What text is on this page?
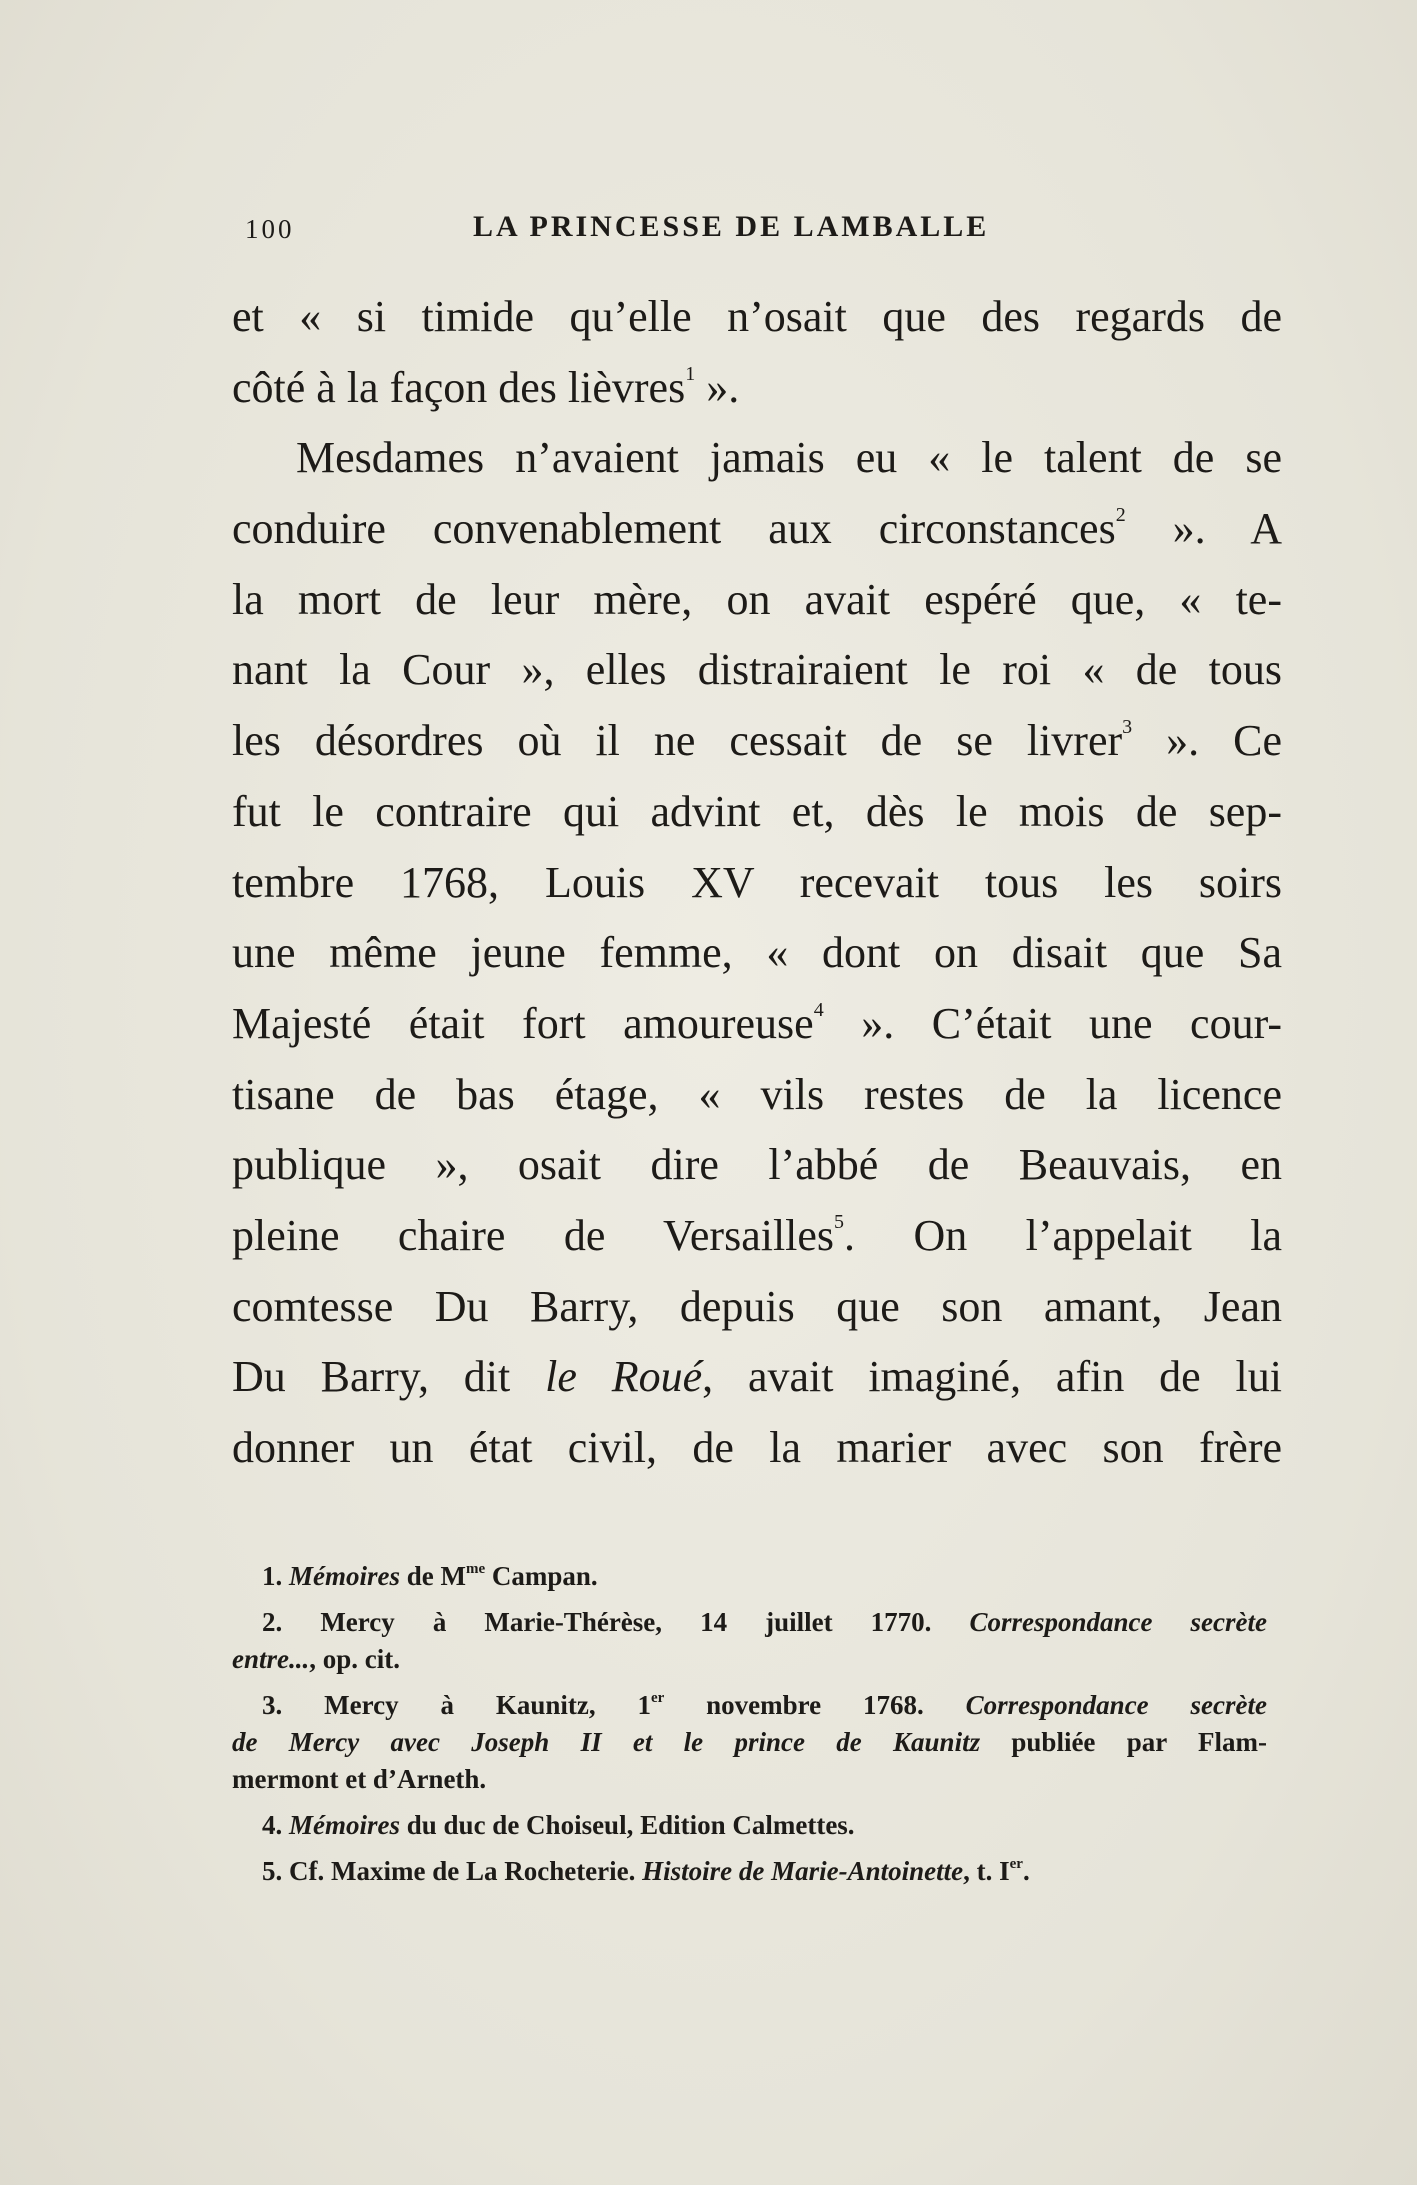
100	LA PRINCESSE DE LAMBALLE
et « si timide qu’elle n’osait que des regards de
côté à la façon des lièvres$^1$ ».
Mesdames n’avaient jamais eu « le talent de se
conduire convenablement aux circonstances$^2$ ». A
la mort de leur mère, on avait espéré que, « te-
nant la Cour », elles distrairaient le roi « de tous
les désordres où il ne cessait de se livrer$^3$ ». Ce
fut le contraire qui advint et, dès le mois de sep-
tembre 1768, Louis XV recevait tous les soirs
une même jeune femme, « dont on disait que Sa
Majesté était fort amoureuse$^4$ ». C’était une cour-
tisane de bas étage, « vils restes de la licence
publique », osait dire l’abbé de Beauvais, en
pleine chaire de Versailles$^5$. On l’appelait la
comtesse Du Barry, depuis que son amant, Jean
Du Barry, dit le Roué, avait imaginé, afin de lui
donner un état civil, de la marier avec son frère
1. Mémoires de $M^{me}$ Campan.
2. Mercy à Marie-Thérèse, 14 juillet 1770. Correspondance secrète
entre..., op. cit.
3. Mercy à Kaunitz, 1er novembre 1768. Correspondance secrète
de Mercy avec Joseph II et le prince de Kaunitz publiée par Flam-
mermont et d’Arneth.
4. Mémoires du duc de Choiseul, Edition Calmettes.
5. Cf. Maxime de La Rocheterie. Histoire de Marie-Antoinette, t. Ier.
